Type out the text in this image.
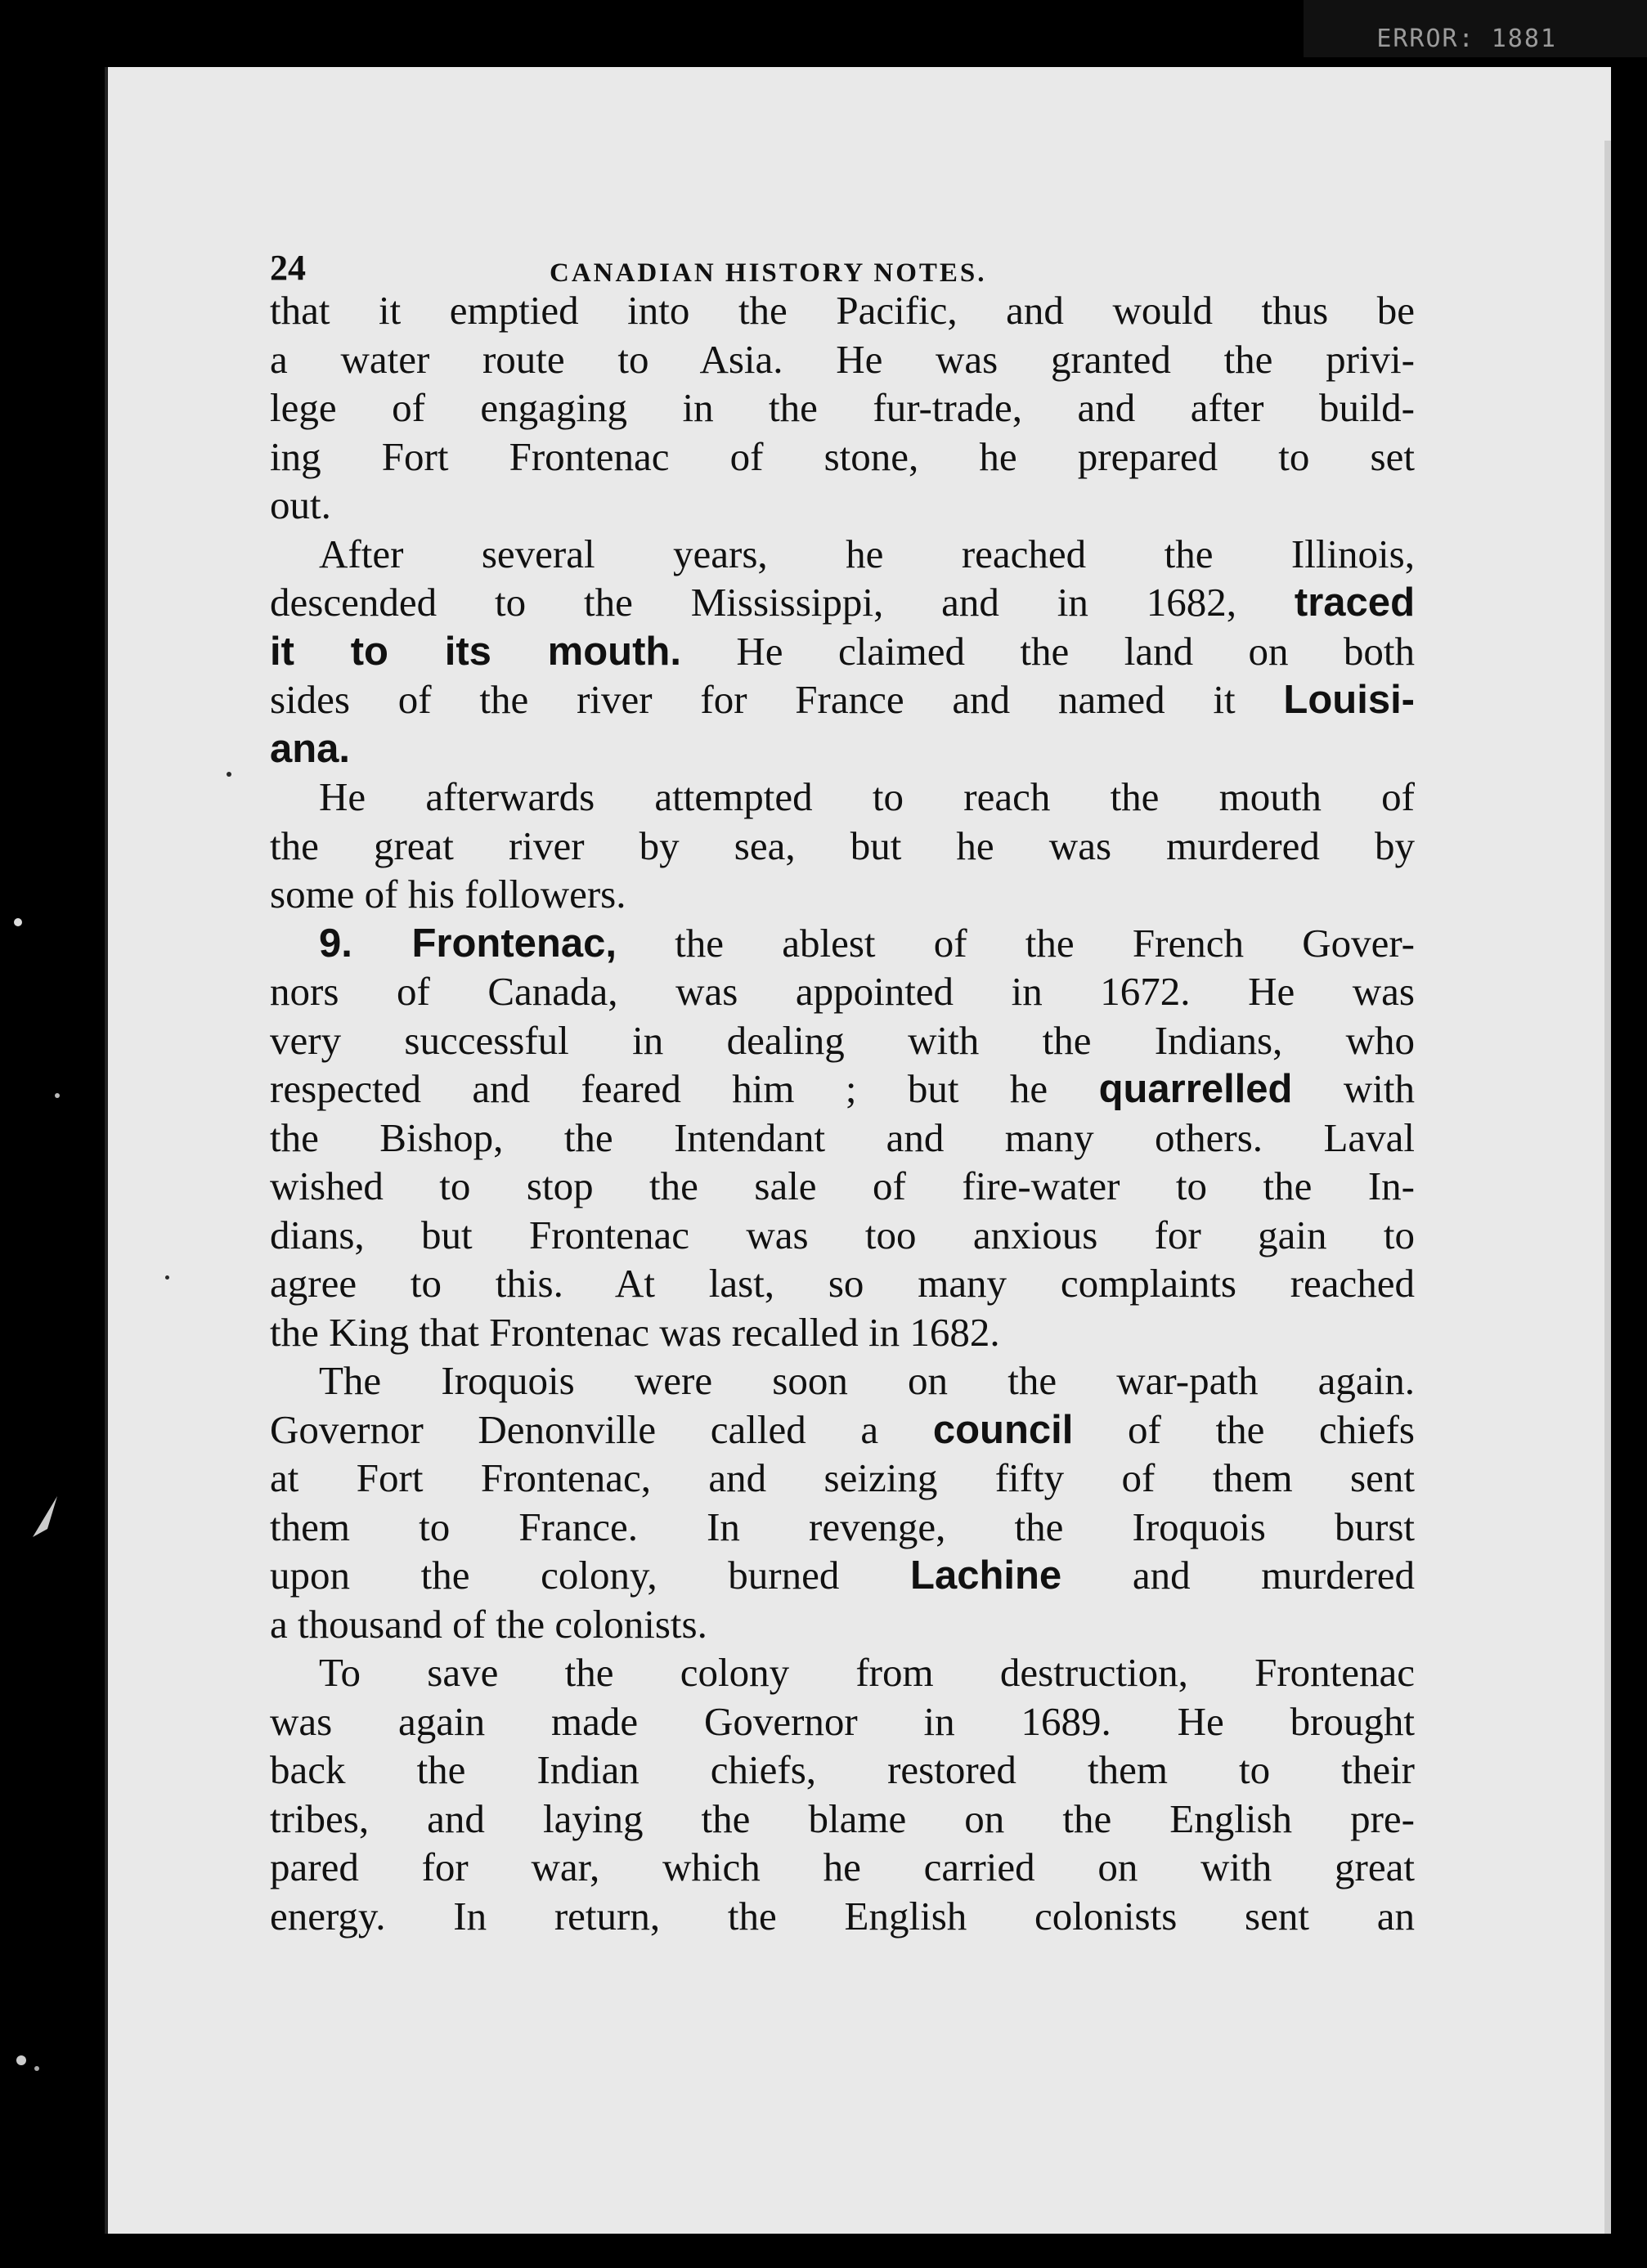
ERROR: 1881
24	CANADIAN HISTORY NOTES.
that it emptied into the Pacific, and would thus be
a water route to Asia. He was granted the privi-
lege of engaging in the fur-trade, and after build-
ing Fort Frontenac of stone, he prepared to set
out.
After several years, he reached the Illinois,
descended to the Mississippi, and in 1682, traced
it to its mouth. He claimed the land on both
sides of the river for France and named it Louisi-
ana.
He afterwards attempted to reach the mouth of
the great river by sea, but he was murdered by
some of his followers.
9. Frontenac, the ablest of the French Gover-
nors of Canada, was appointed in 1672. He was
very successful in dealing with the Indians, who
respected and feared him ; but he quarrelled with
the Bishop, the Intendant and many others. Laval
wished to stop the sale of fire-water to the In-
dians, but Frontenac was too anxious for gain to
agree to this. At last, so many complaints reached
the King that Frontenac was recalled in 1682.
The Iroquois were soon on the war-path again.
Governor Denonville called a council of the chiefs
at Fort Frontenac, and seizing fifty of them sent
them to France. In revenge, the Iroquois burst
upon the colony, burned Lachine and murdered
a thousand of the colonists.
To save the colony from destruction, Frontenac
was again made Governor in 1689. He brought
back the Indian chiefs, restored them to their
tribes, and laying the blame on the English pre-
pared for war, which he carried on with great
energy. In return, the English colonists sent an
